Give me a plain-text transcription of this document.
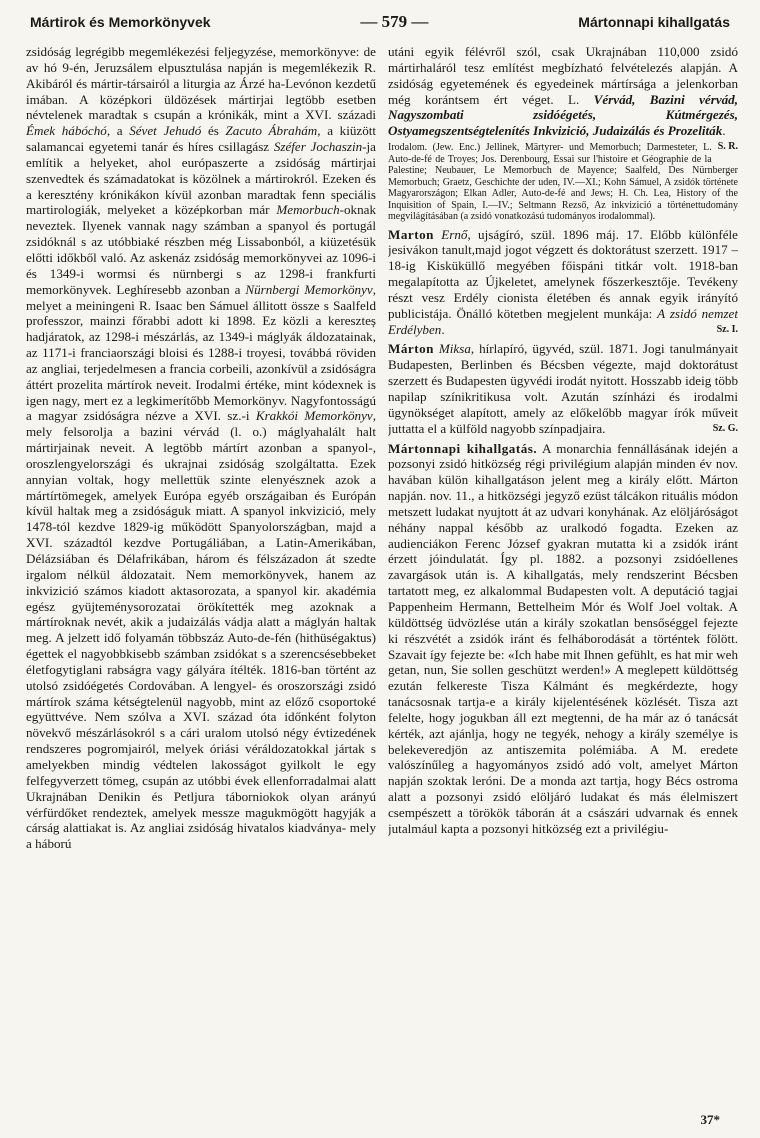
Mártirok és Memorkönyvek	— 579 —	Mártonnapi kihallgatás

zsidóság legrégibb megemlékezési feljegyzése, memorkönyve: de av hó 9-én, Jeruzsálem elpusztulása napján is megemlékezik R. Akibáról és mártir-társairól a liturgia az Árzé ha-Levónon kezdetű imában. A középkori üldözések mártirjai legtöbb esetben névtelenek maradtak s csupán a krónikák, mint a XVI. századi Émek hábóchó, a Sévet Jehudó és Zacuto Ábrahám, a kiüzött salamancai egyetemi tanár és híres csillagász Széfer Jochaszin-ja említik a helyeket, ahol európaszerte a zsidóság mártirjai szenvedtek és számadatokat is közölnek a mártirokról. Ezeken és a keresztény krónikákon kívül azonban maradtak fenn speciális martirologiák, melyeket a középkorban már Memorbuch-oknak neveztek. Ilyenek vannak nagy számban a spanyol és portugál zsidóknál s az utóbbiaké részben még Lissabonból, a kiüzetésük előtti időkből való. Az askenáz zsidóság memorkönyvei az 1096-i és 1349-i wormsi és nürnbergi s az 1298-i frankfurti memorkönyvek. Leghíresebb azonban a Nürnbergi Memorkönyv, melyet a meiningeni R. Isaac ben Sámuel állitott össze s Saalfeld professzor, mainzi főrabbi adott ki 1898. Ez közli a kereszteș hadjáratok, az 1298-i mészárlás, az 1349-i máglyák áldozatainak, az 1171-i franciaországi bloisi és 1288-i troyesi, továbbá röviden az angliai, terjedelmesen a francia corbeili, azonkívül a zsidóságra áttért prozelita mártírok neveit. Irodalmi értéke, mint kódexnek is igen nagy, mert ez a legkimerítőbb Memorkönyv. Nagyfontosságú a magyar zsidóságra nézve a XVI. sz.-i Krakkói Memorkönyv, mely felsorolja a bazini vérvád (l. o.) máglyahalált halt mártirjainak neveit. A legtöbb mártírt azonban a spanyol-, oroszlengyelországi és ukrajnai zsidóság szolgáltatta. Ezek annyian voltak, hogy mellettük szinte elenyésznek azok a mártírtömegek, amelyek Európa egyéb országaiban és Európán kívül haltak meg a zsidóságuk miatt. A spanyol inkvizició, mely 1478-tól kezdve 1829-ig működött Spanyolországban, majd a XVI. századtól kezdve Portugáliában, a Latin-Amerikában, Délázsiában és Délafrikában, három és félszázadon át szedte irgalom nélkül áldozatait. Nem memorkönyvek, hanem az inkvizició számos kiadott aktasorozata, a spanyol kir. akadémia egész gyüjteménysorozatai örökítették meg azoknak a mártíroknak nevét, akik a judaizálás vádja alatt a máglyán haltak meg. A jelzett idő folyamán többszáz Auto-de-fén (hithüségaktus) égettek el nagyobbkisebb számban zsidókat s a szerencsésebbeket életfogytiglani rabságra vagy gályára ítélték. 1816-ban történt az utolsó zsidóégetés Cordovában. A lengyel- és oroszországi zsidó mártírok száma kétségtelenül nagyobb, mint az előző csoportoké együttvéve. Nem szólva a XVI. század óta időnként folyton növekvő mészárlásokról s a cári uralom utolsó négy évtizedének rendszeres pogromjairól, melyek óriási véráldozatokkal jártak s amelyekben mindig védtelen lakosságot gyilkolt le egy felfegyverzett tömeg, csupán az utóbbi évek ellenforradalmai alatt Ukrajnában Denikin és Petljura táborniokok olyan arányú vérfürdőket rendeztek, amelyek messze magukmögött hagyják a cárság alattiakat is. Az angliai zsidóság hivatalos kiadványa- mely a háború

utáni egyik félévről szól, csak Ukrajnában 110,000 zsidó mártirhaláról tesz említést megbízható felvételezés alapján. A zsidóság egyetemének és egyedeinek mártírsága a jelenkorban még korántsem ért véget. L. Vérvád, Bazini vérvád, Nagyszombati zsidóégetés, Kútmérgezés, Ostyamegszentségtelenítés Inkvizició, Judaizálás és Prozeliták.
S. R.

Irodalom. (Jew. Enc.) Jellinek, Märtyrer- und Memorbuch; Darmesteter, L. Auto-de-fé de Troyes; Jos. Derenbourg, Essai sur l'histoire et Géographie de la Palestine; Neubauer, Le Memorbuch de Mayence; Saalfeld, Des Nürnberger Memorbuch; Graetz, Geschichte der uden, IV.—XI.; Kohn Sámuel, A zsidók története Magyarországon; Elkan Adler, Auto-de-fé and Jews; H. Ch. Lea, History of the Inquisition of Spain, I.—IV.; Seltmann Rezső, Az inkvizició a történettudomány megvilágításában (a zsidó vonatkozású tudományos irodalommal).

Marton Ernő, ujságíró, szül. 1896 máj. 17. Előbb különféle jesivákon tanult,majd jogot végzett és doktorátust szerzett. 1917 – 18-ig Kisküküllő megyében főispáni titkár volt. 1918-ban megalapította az Újkeletet, amelynek főszerkesztője. Tevékeny részt vesz Erdély cionista életében és annak egyik irányító publicistája. Önálló kötetben megjelent munkája: A zsidó nemzet Erdélyben.	Sz. I.

Márton Miksa, hírlapíró, ügyvéd, szül. 1871. Jogi tanulmányait Budapesten, Berlinben és Bécsben végezte, majd doktorátust szerzett és Budapesten ügyvédi irodát nyitott. Hosszabb ideig több napilap színikritikusa volt. Azután színházi és irodalmi ügynökséget alapított, amely az előkelőbb magyar írók műveit juttatta el a külföld nagyobb színpadjaira.	Sz. G.

Mártonnapi kihallgatás. A monarchia fennállásának idején a pozsonyi zsidó hitközség régi privilégium alapján minden év nov. havában külön kihallgatáson jelent meg a király előtt. Márton napján. nov. 11., a hitközségi jegyző ezüst tálcákon rituális módon metszett ludakat nyujtott át az udvari konyhának. Az elöljáróságot néhány nappal később az uralkodó fogadta. Ezeken az audienciákon Ferenc József gyakran mutatta ki a zsidók iránt érzett jóindulatát. Így pl. 1882. a pozsonyi zsidóellenes zavargások után is. A kihallgatás, mely rendszerint Bécsben tartatott meg, ez alkalommal Budapesten volt. A deputáció tagjai Pappenheim Hermann, Bettelheim Mór és Wolf Joel voltak. A küldöttség üdvözlése után a király szokatlan bensőséggel fejezte ki részvétét a zsidók iránt és felháborodását a történtek fölött. Szavait így fejezte be: «Ich habe mit Ihnen gefühlt, es hat mir weh getan, nun, Sie sollen geschützt werden!» A meglepett küldöttség ezután felkereste Tisza Kálmánt és megkérdezte, hogy tanácsosnak tartja-e a király kijelentésének közlését. Tisza azt felelte, hogy jogukban áll ezt megtenni, de ha már az ó tanácsát kérték, azt ajánlja, hogy ne tegyék, nehogy a király személye is belekeveredjön az antiszemita polémiába. A M. eredete valószínűleg a hagyományos zsidó adó volt, amelyet Márton napján szoktak leróni. De a monda azt tartja, hogy Bécs ostroma alatt a pozsonyi zsidó elöljáró ludakat és más élelmiszert csempészett a törökök táborán át a császári udvarnak és ennek jutalmául kapta a pozsonyi hitközség ezt a privilégiu-

37*
